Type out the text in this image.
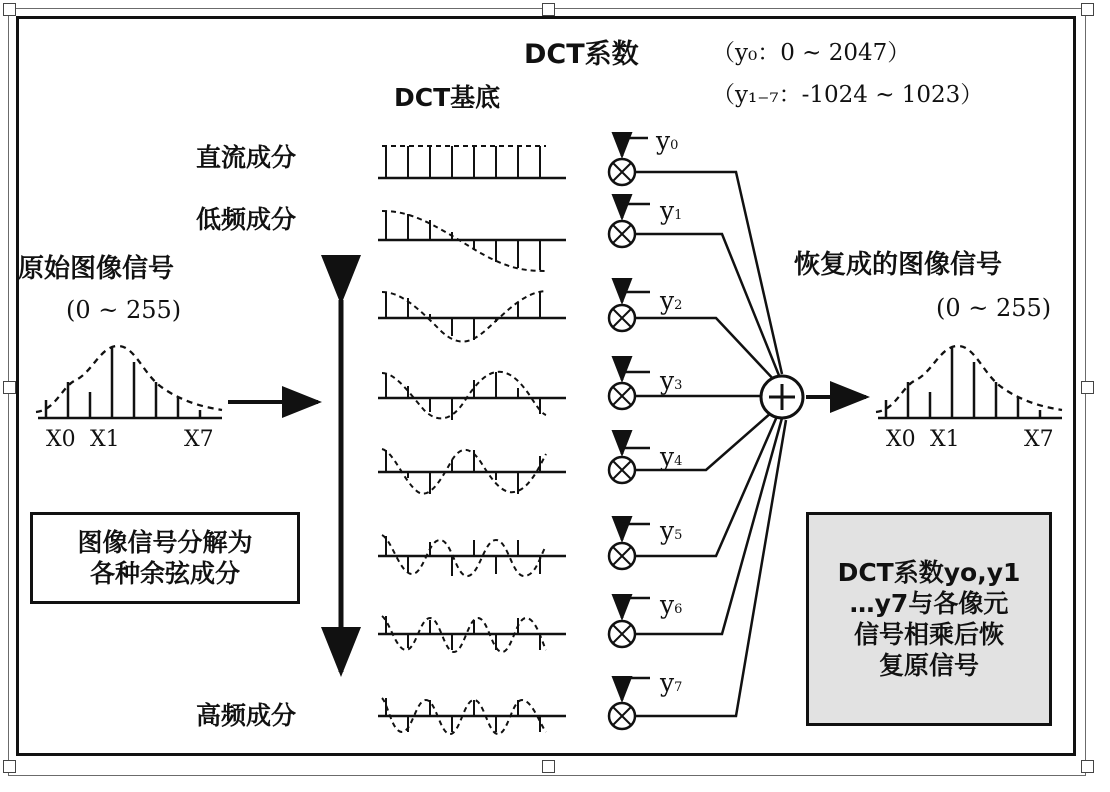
DCT系数	（y₀：0 ~ 2047）
（y₁₋₇：-1024 ~ 1023）
DCT基底
直流成分
低频成分
高频成分
原始图像信号
(0 ~ 255)
恢复成的图像信号
(0 ~ 255)
X0 X1	X7	X0 X1	X7
y0
y1
y2
y3
y4
y5
y6
y7
图像信号分解为
各种余弦成分	DCT系数yo,y1
…y7与各像元
信号相乘后恢
复原信号
